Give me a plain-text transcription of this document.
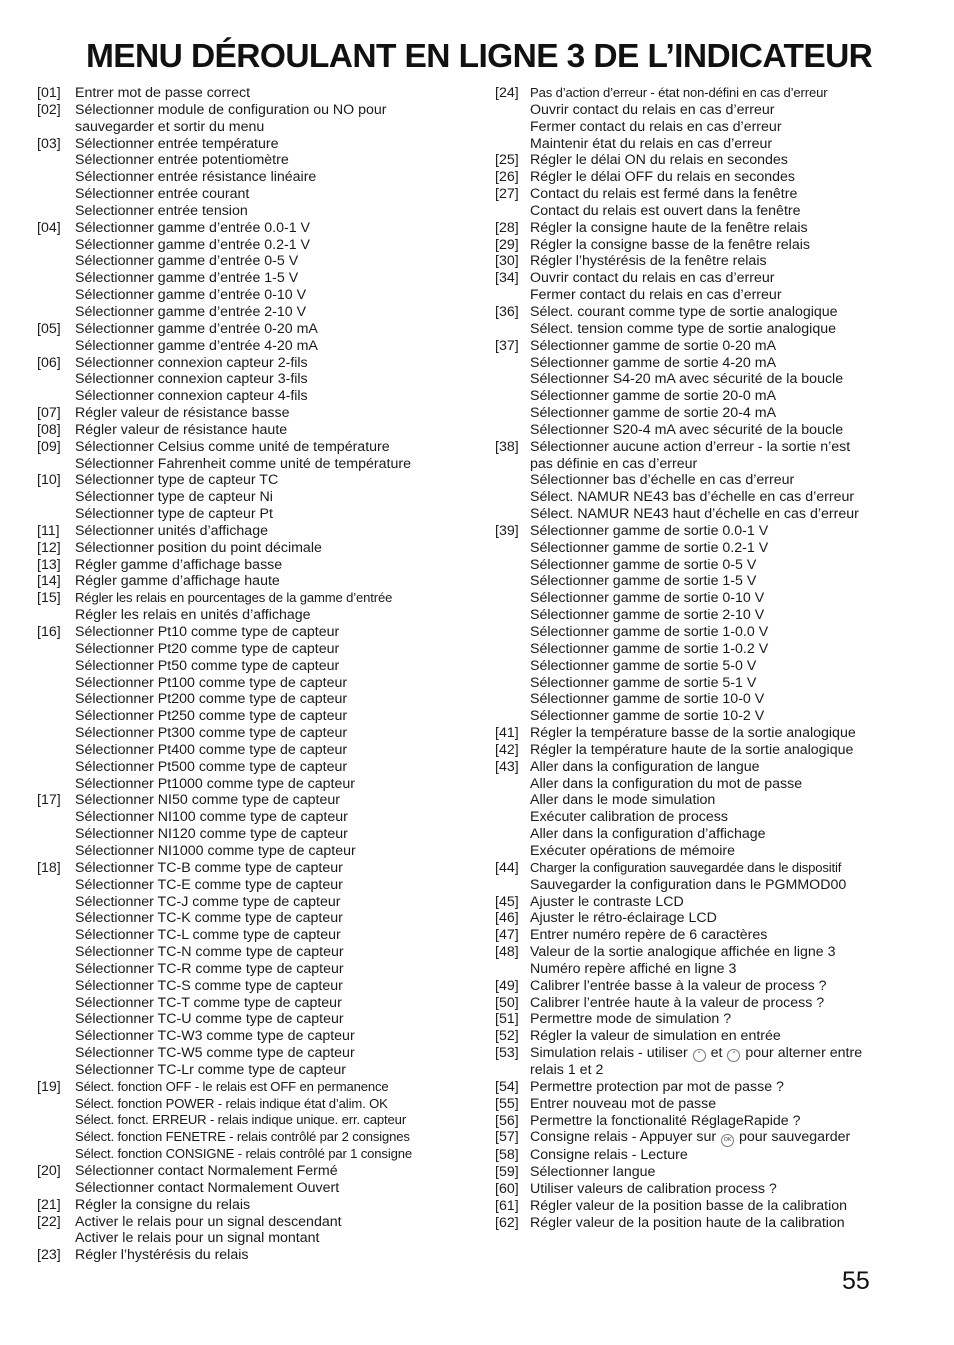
MENU DÉROULANT EN LIGNE 3 DE L’INDICATEUR
[01]	Entrer mot de passe correct
[02]	Sélectionner module de configuration ou NO pour
sauvegarder et sortir du menu
[03]	Sélectionner entrée température
Sélectionner entrée potentiomètre
Sélectionner entrée résistance linéaire
Sélectionner entrée courant
Selectionner entrée tension
[04]	Sélectionner gamme d’entrée 0.0-1 V
Sélectionner gamme d’entrée 0.2-1 V
Sélectionner gamme d’entrée 0-5 V
Sélectionner gamme d’entrée 1-5 V
Sélectionner gamme d’entrée 0-10 V
Sélectionner gamme d’entrée 2-10 V
[05]	Sélectionner gamme d’entrée 0-20 mA
Sélectionner gamme d’entrée 4-20 mA
[06]	Sélectionner connexion capteur 2-fils
Sélectionner connexion capteur 3-fils
Sélectionner connexion capteur 4-fils
[07]	Régler valeur de résistance basse
[08]	Régler valeur de résistance haute
[09]	Sélectionner Celsius comme unité de température
Sélectionner Fahrenheit comme unité de température
[10]	Sélectionner type de capteur TC
Sélectionner type de capteur Ni
Sélectionner type de capteur Pt
[11]	Sélectionner unités d’affichage
[12]	Sélectionner position du point décimale
[13]	Régler gamme d’affichage basse
[14]	Régler gamme d’affichage haute
[15]	Régler les relais en pourcentages de la gamme d’entrée
Régler les relais en unités d’affichage
[16]	Sélectionner Pt10 comme type de capteur
Sélectionner Pt20 comme type de capteur
Sélectionner Pt50 comme type de capteur
Sélectionner Pt100 comme type de capteur
Sélectionner Pt200 comme type de capteur
Sélectionner Pt250 comme type de capteur
Sélectionner Pt300 comme type de capteur
Sélectionner Pt400 comme type de capteur
Sélectionner Pt500 comme type de capteur
Sélectionner Pt1000 comme type de capteur
[17]	Sélectionner NI50 comme type de capteur
Sélectionner NI100 comme type de capteur
Sélectionner NI120 comme type de capteur
Sélectionner NI1000 comme type de capteur
[18]	Sélectionner TC-B comme type de capteur
Sélectionner TC-E comme type de capteur
Sélectionner TC-J comme type de capteur
Sélectionner TC-K comme type de capteur
Sélectionner TC-L comme type de capteur
Sélectionner TC-N comme type de capteur
Sélectionner TC-R comme type de capteur
Sélectionner TC-S comme type de capteur
Sélectionner TC-T comme type de capteur
Sélectionner TC-U comme type de capteur
Sélectionner TC-W3 comme type de capteur
Sélectionner TC-W5 comme type de capteur
Sélectionner TC-Lr comme type de capteur
[19]	Sélect. fonction OFF - le relais est OFF en permanence
Sélect. fonction POWER - relais indique état d’alim. OK
Sélect. fonct. ERREUR - relais indique unique. err. capteur
Sélect. fonction FENETRE - relais contrôlé par 2 consignes
Sélect. fonction CONSIGNE - relais contrôlé par 1 consigne
[20]	Sélectionner contact Normalement Fermé
Sélectionner contact Normalement Ouvert
[21]	Régler la consigne du relais
[22]	Activer le relais pour un signal descendant
Activer le relais pour un signal montant
[23]	Régler l’hystérésis du relais
[24] Pas d’action d’erreur - état non-défini en cas d’erreur
Ouvrir contact du relais en cas d’erreur
Fermer contact du relais en cas d’erreur
Maintenir état du relais en cas d’erreur
[25] Régler le délai ON du relais en secondes
[26] Régler le délai OFF du relais en secondes
[27] Contact du relais est fermé dans la fenêtre
Contact du relais est ouvert dans la fenêtre
[28] Régler la consigne haute de la fenêtre relais
[29] Régler la consigne basse de la fenêtre relais
[30] Régler l’hystérésis de la fenêtre relais
[34] Ouvrir contact du relais en cas d’erreur
Fermer contact du relais en cas d’erreur
[36] Sélect. courant comme type de sortie analogique
Sélect. tension comme type de sortie analogique
[37] Sélectionner gamme de sortie 0-20 mA
Sélectionner gamme de sortie 4-20 mA
Sélectionner S4-20 mA avec sécurité de la boucle
Sélectionner gamme de sortie 20-0 mA
Sélectionner gamme de sortie 20-4 mA
Sélectionner S20-4 mA avec sécurité de la boucle
[38] Sélectionner aucune action d’erreur - la sortie n’est
pas définie en cas d’erreur
Sélectionner bas d’échelle en cas d’erreur
Sélect. NAMUR NE43 bas d’échelle en cas d’erreur
Sélect. NAMUR NE43 haut d’échelle en cas d’erreur
[39] Sélectionner gamme de sortie 0.0-1 V
Sélectionner gamme de sortie 0.2-1 V
Sélectionner gamme de sortie 0-5 V
Sélectionner gamme de sortie 1-5 V
Sélectionner gamme de sortie 0-10 V
Sélectionner gamme de sortie 2-10 V
Sélectionner gamme de sortie 1-0.0 V
Sélectionner gamme de sortie 1-0.2 V
Sélectionner gamme de sortie 5-0 V
Sélectionner gamme de sortie 5-1 V
Sélectionner gamme de sortie 10-0 V
Sélectionner gamme de sortie 10-2 V
[41] Régler la température basse de la sortie analogique
[42] Régler la température haute de la sortie analogique
[43] Aller dans la configuration de langue
Aller dans la configuration du mot de passe
Aller dans le mode simulation
Exécuter calibration de process
Aller dans la configuration d’affichage
Exécuter opérations de mémoire
[44] Charger la configuration sauvegardée dans le dispositif
Sauvegarder la configuration dans le PGMMOD00
[45] Ajuster le contraste LCD
[46] Ajuster le rétro-éclairage LCD
[47] Entrer numéro repère de 6 caractères
[48] Valeur de la sortie analogique affichée en ligne 3
Numéro repère affiché en ligne 3
[49] Calibrer l’entrée basse à la valeur de process ?
[50] Calibrer l’entrée haute à la valeur de process ?
[51] Permettre mode de simulation ?
[52] Régler la valeur de simulation en entrée
[53] Simulation relais - utiliser ˄ et ˅ pour alterner entre
relais 1 et 2
[54] Permettre protection par mot de passe ?
[55] Entrer nouveau mot de passe
[56] Permettre la fonctionalité RéglageRapide ?
[57] Consigne relais - Appuyer sur OK pour sauvegarder
[58] Consigne relais - Lecture
[59] Sélectionner langue
[60] Utiliser valeurs de calibration process ?
[61] Régler valeur de la position basse de la calibration
[62] Régler valeur de la position haute de la calibration
55
